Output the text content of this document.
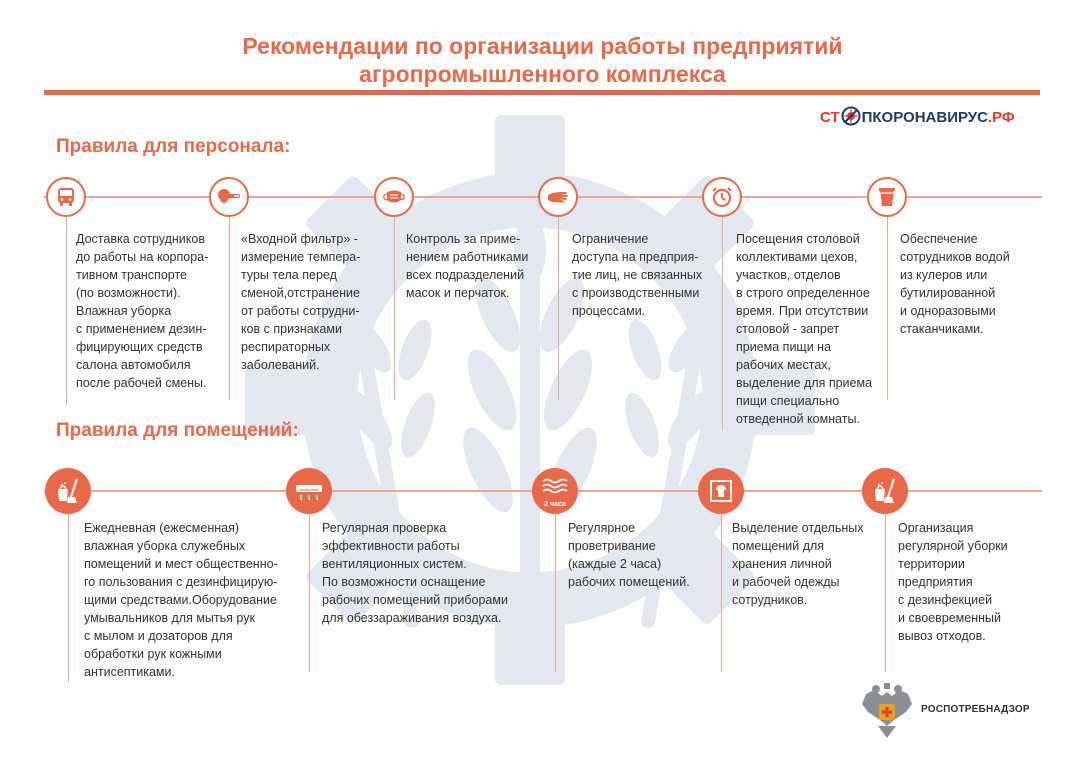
Рекомендации по организации работы предприятий
агропромышленного комплекса
СТ ПКОРОНАВИРУС.РФ
Правила для персонала:
Доставка сотрудников
до работы на корпора-
тивном транспорте
(по возможности).
Влажная уборка
с применением дезин-
фицирующих средств
салона автомобиля
после рабочей смены.
«Входной фильтр» -
измерение темпера-
туры тела перед
сменой,отстранение
от работы сотрудни-
ков с признаками
респираторных
заболеваний.
Контроль за приме-
нением работниками
всех подразделений
масок и перчаток.
Ограничение
доступа на предприя-
тие лиц, не связанных
с производственными
процессами.
Посещения столовой
коллективами цехов,
участков, отделов
в строго определенное
время. При отсутствии
столовой - запрет
приема пищи на
рабочих местах,
выделение для приема
пищи специально
отведенной комнаты.
Обеспечение
сотрудников водой
из кулеров или
бутилированной
и одноразовыми
стаканчиками.
Правила для помещений:
2 часа
Ежедневная (ежесменная)
влажная уборка служебных
помещений и мест общественно-
го пользования с дезинфицирую-
щими средствами.Оборудование
умывальников для мытья рук
с мылом и дозаторов для
обработки рук кожными
антисептиками.
Регулярная проверка
эффективности работы
вентиляционных систем.
По возможности оснащение
рабочих помещений приборами
для обеззараживания воздуха.
Регулярное
проветривание
(каждые 2 часа)
рабочих помещений.
Выделение отдельных
помещений для
хранения личной
и рабочей одежды
сотрудников.
Организация
регулярной уборки
территории
предприятия
с дезинфекцией
и своевременный
вывоз отходов.
РОСПОТРЕБНАДЗОР
